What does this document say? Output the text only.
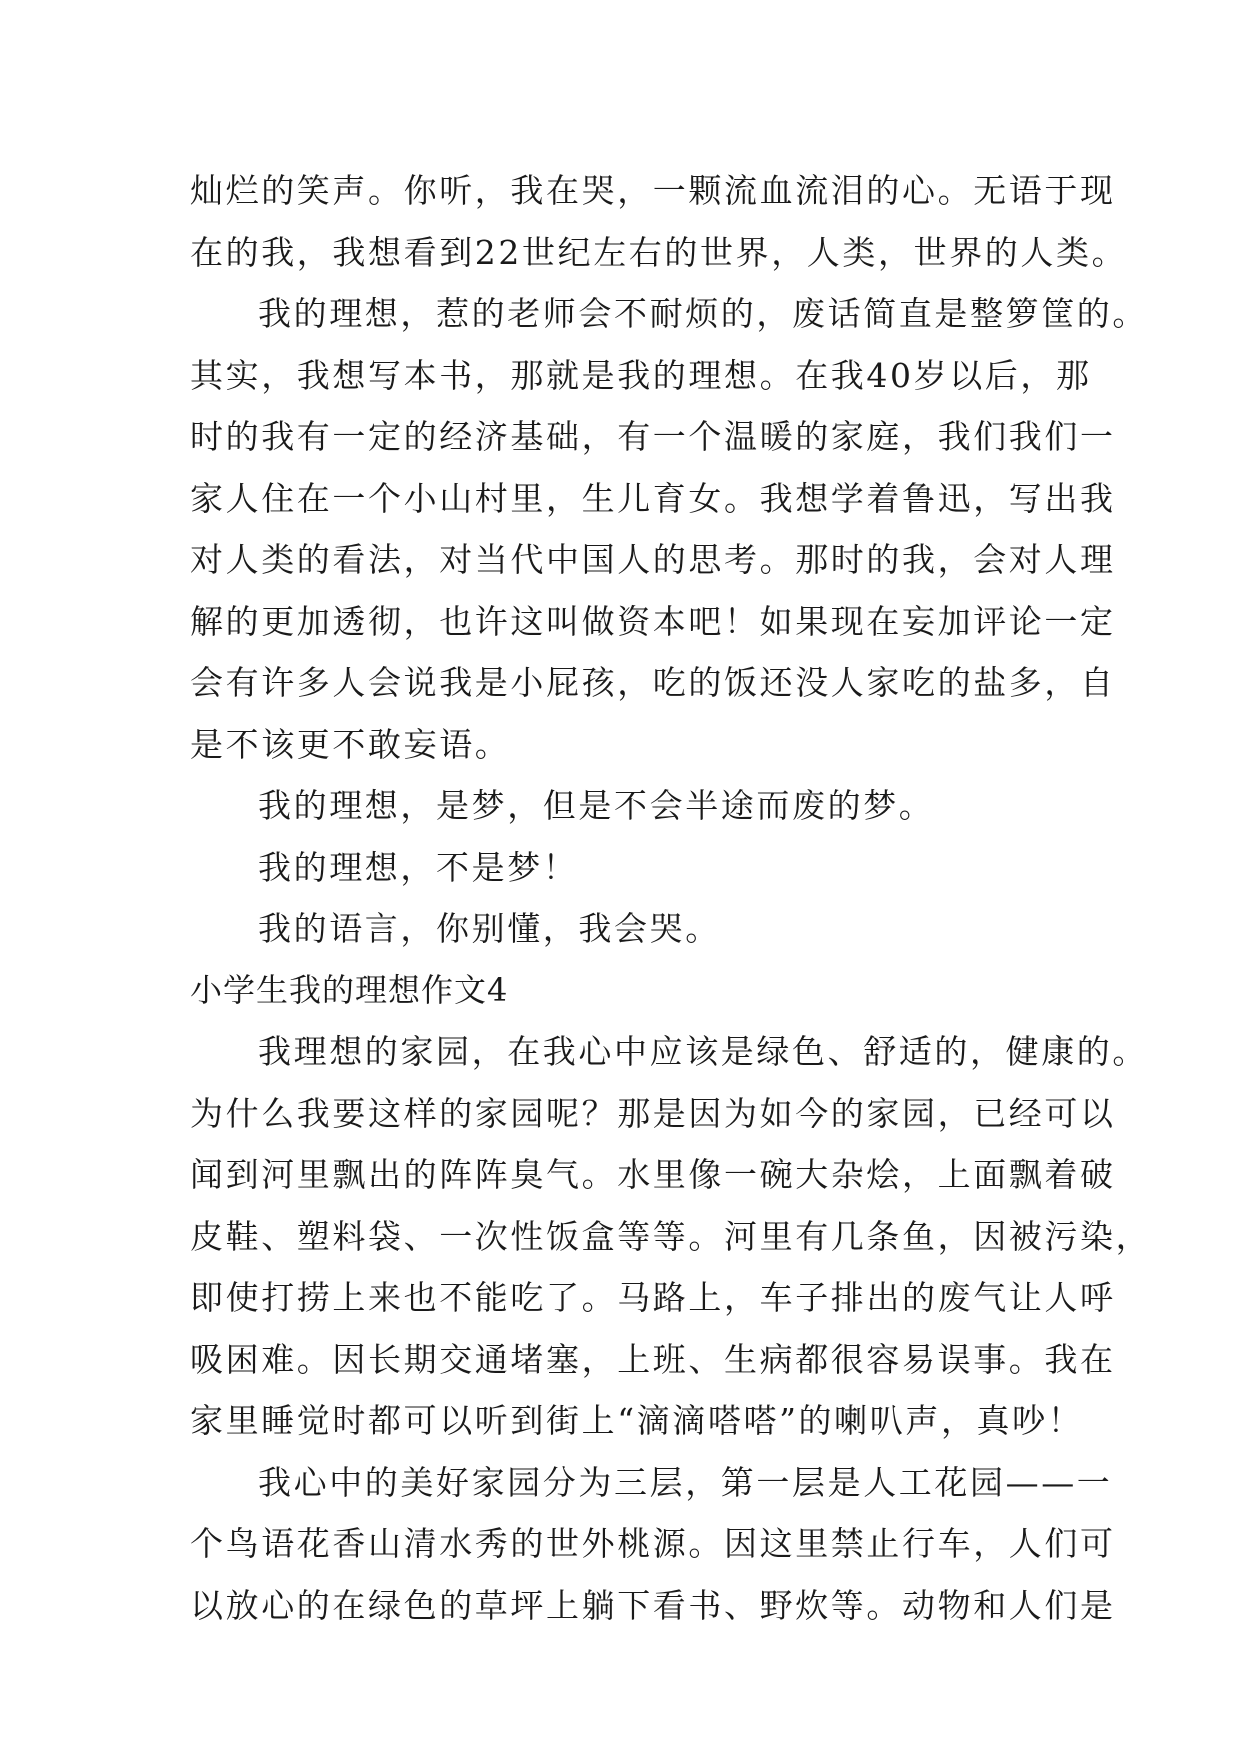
灿烂的笑声。你听，我在哭，一颗流血流泪的心。无语于现
在的我，我想看到22世纪左右的世界，人类，世界的人类。
我的理想，惹的老师会不耐烦的，废话简直是整箩筐的。
其实，我想写本书，那就是我的理想。在我40岁以后，那
时的我有一定的经济基础，有一个温暖的家庭，我们我们一
家人住在一个小山村里，生儿育女。我想学着鲁迅，写出我
对人类的看法，对当代中国人的思考。那时的我，会对人理
解的更加透彻，也许这叫做资本吧！如果现在妄加评论一定
会有许多人会说我是小屁孩，吃的饭还没人家吃的盐多，自
是不该更不敢妄语。
我的理想，是梦，但是不会半途而废的梦。
我的理想，不是梦！
我的语言，你别懂，我会哭。
小学生我的理想作文4
我理想的家园，在我心中应该是绿色、舒适的，健康的。
为什么我要这样的家园呢？那是因为如今的家园，已经可以
闻到河里飘出的阵阵臭气。水里像一碗大杂烩，上面飘着破
皮鞋、塑料袋、一次性饭盒等等。河里有几条鱼，因被污染，
即使打捞上来也不能吃了。马路上，车子排出的废气让人呼
吸困难。因长期交通堵塞，上班、生病都很容易误事。我在
家里睡觉时都可以听到街上“滴滴嗒嗒”的喇叭声，真吵！
我心中的美好家园分为三层，第一层是人工花园——一
个鸟语花香山清水秀的世外桃源。因这里禁止行车，人们可
以放心的在绿色的草坪上躺下看书、野炊等。动物和人们是
